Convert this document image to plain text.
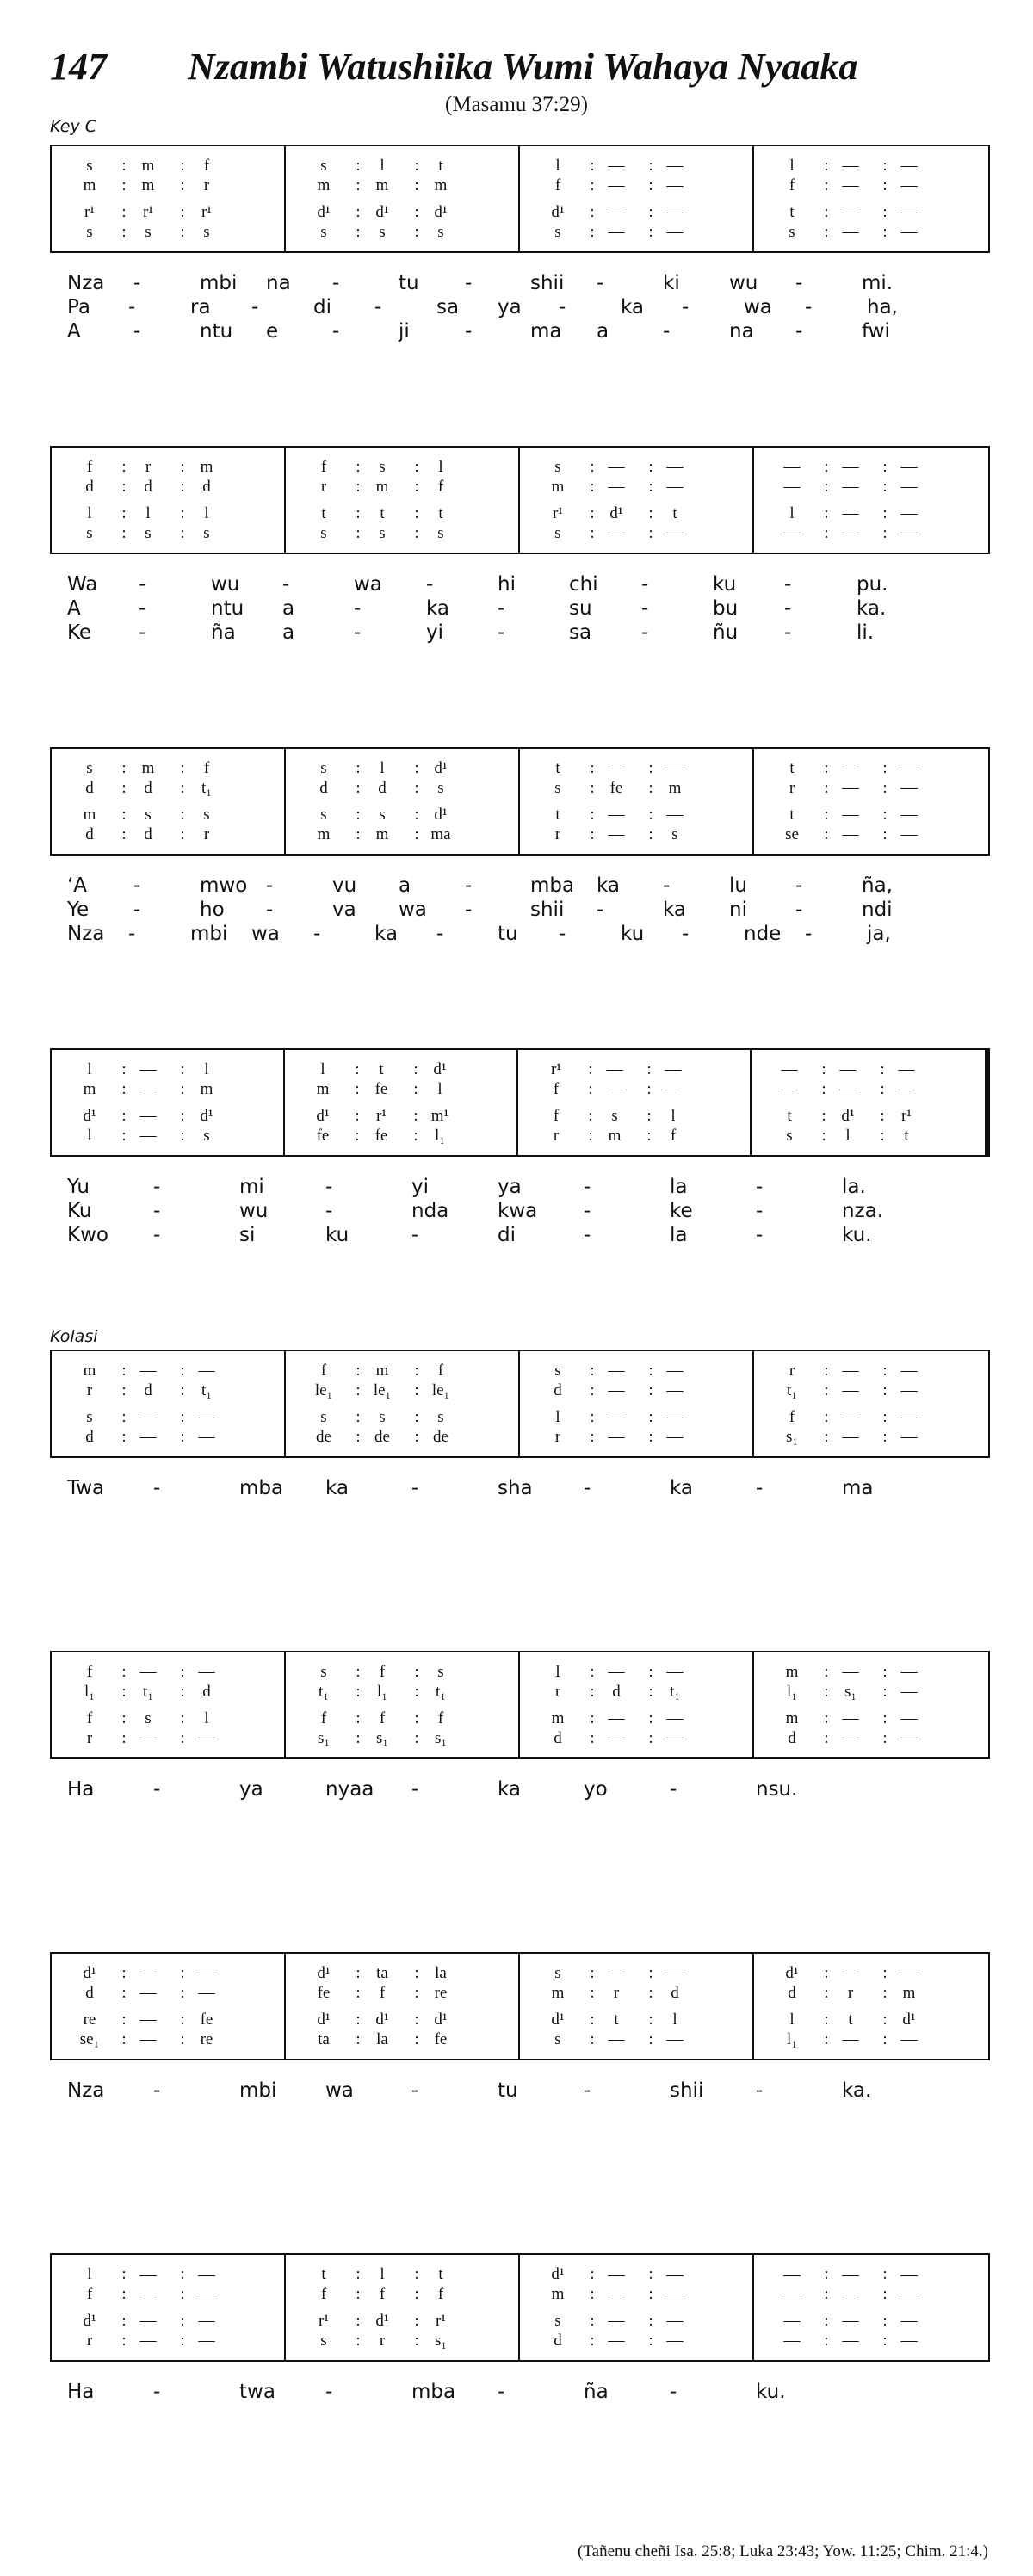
147 Nzambi Watushiika Wumi Wahaya Nyaaka
(Masamu 37:29)
Key C
Kolasi
s	: m	:	f
m	: m	:	r
r¹	:	r¹	:	r¹
s	:	s	:	s
s	:	l	:	t
m	: m	: m
d¹	: d¹	: d¹
s	:	s	:	s
l	: —	: —
f	: —	: —
d¹	: —	: —
s	: —	: —
l	: —	: —
f	: —	: —
t	: —	: —
s	: —	: —
Nza -	mbi na -	tu -	shii -	ki wu -	mi.
Pa -	ra -	di -	sa ya -	ka -	wa -	ha,
A	-	ntu e	-	ji	-	ma a	-	na -	fwi
f	:	r	: m
d	:	d	:	d
l	:	l	:	l
s	:	s	:	s
f	:	s	:	l
r	: m	:	f
t	:	t	:	t
s	:	s	:	s
s	: —	: —
m	: —	: —
r¹	: d¹	:	t
s	: —	: —
—	: —	: —
—	: —	: —
l	: —	: —
—	: —	: —
Wa -	wu -	wa -	hi	chi -	ku -	pu.
A	-	ntu a	-	ka -	su -	bu -	ka.
Ke -	ña a	-	yi	-	sa	-	ñu -	li.
s	: m	:	f
d	:	d	:	t₁
m	:	s	:	s
d	:	d	:	r
s	:	l	: d¹
d	:	d	:	s
s	:	s	: d¹
m	: m	: ma
t	: —	: —
s	: fe	: m
t	: —	: —
r	: —	:	s
t	: —	: —
r	: —	: —
t	: —	: —
se	: —	: —
‘A -	mwo -	vu a	-	mba ka -	lu -	ña,
Ye -	ho -	va wa -	shii -	ka ni -	ndi
Nza -	mbi wa -	ka -	tu -	ku -	nde -	ja,
l	: —	:	l
m	: —	: m
d¹	: —	: d¹
l	: —	:	s
l	:	t	: d¹
m	: fe	:	l
d¹	:	r¹	: m¹
fe	: fe	:	l₁
r¹	: —	: —
f	: —	: —
f	:	s	:	l
r	: m	:	f
—	: —	: —
—	: —	: —
t	: d¹	:	r¹
s	:	l	:	t
Yu	-	mi	-	yi	ya	-	la	-	la.
Ku	-	wu	-	nda kwa -	ke	-	nza.
Kwo -	si	ku	-	di	-	la	-	ku.
m	: —	: —
r	:	d	:	t₁
s	: —	: —
d	: —	: —
f	: m	:	f
le₁	: le₁	: le₁
s	:	s	:	s
de	: de	: de
s	: —	: —
d	: —	: —
l	: —	: —
r	: —	: —
r	: —	: —
t₁	: —	: —
f	: —	: —
s₁	: —	: —
Twa -	mba ka	-	sha	-	ka	-	ma
f	: —	: —
l₁	:	t₁	:	d
f	:	s	:	l
r	: —	: —
s	:	f	:	s
t₁	:	l₁	:	t₁
f	:	f	:	f
s₁	: s₁	: s₁
l	: —	: —
r	:	d	:	t₁
m	: —	: —
d	: —	: —
m	: —	: —
l₁	: s₁	: —
m	: —	: —
d	: —	: —
Ha	-	ya	nyaa -	ka	yo	-	nsu.
d¹	: —	: —
d	: —	: —
re	: —	: fe
se₁	: —	: re
d¹	: ta	: la
fe	:	f	: re
d¹	: d¹	: d¹
ta	: la	: fe
s	: —	: —
m	:	r	:	d
d¹	:	t	:	l
s	: —	: —
d¹	: —	: —
d	:	r	: m
l	:	t	: d¹
l₁	: —	: —
Nza -	mbi wa	-	tu	-	shii	-	ka.
l	: —	: —
f	: —	: —
d¹	: —	: —
r	: —	: —
t	:	l	:	t
f	:	f	:	f
r¹	: d¹	:	r¹
s	:	r	: s₁
d¹	: —	: —
m	: —	: —
s	: —	: —
d	: —	: —
—	: —	: —
—	: —	: —
—	: —	: —
—	: —	: —
Ha	-	twa	-	mba -	ña	-	ku.
(Tañenu cheñi Isa. 25:8; Luka 23:43; Yow. 11:25; Chim. 21:4.)
